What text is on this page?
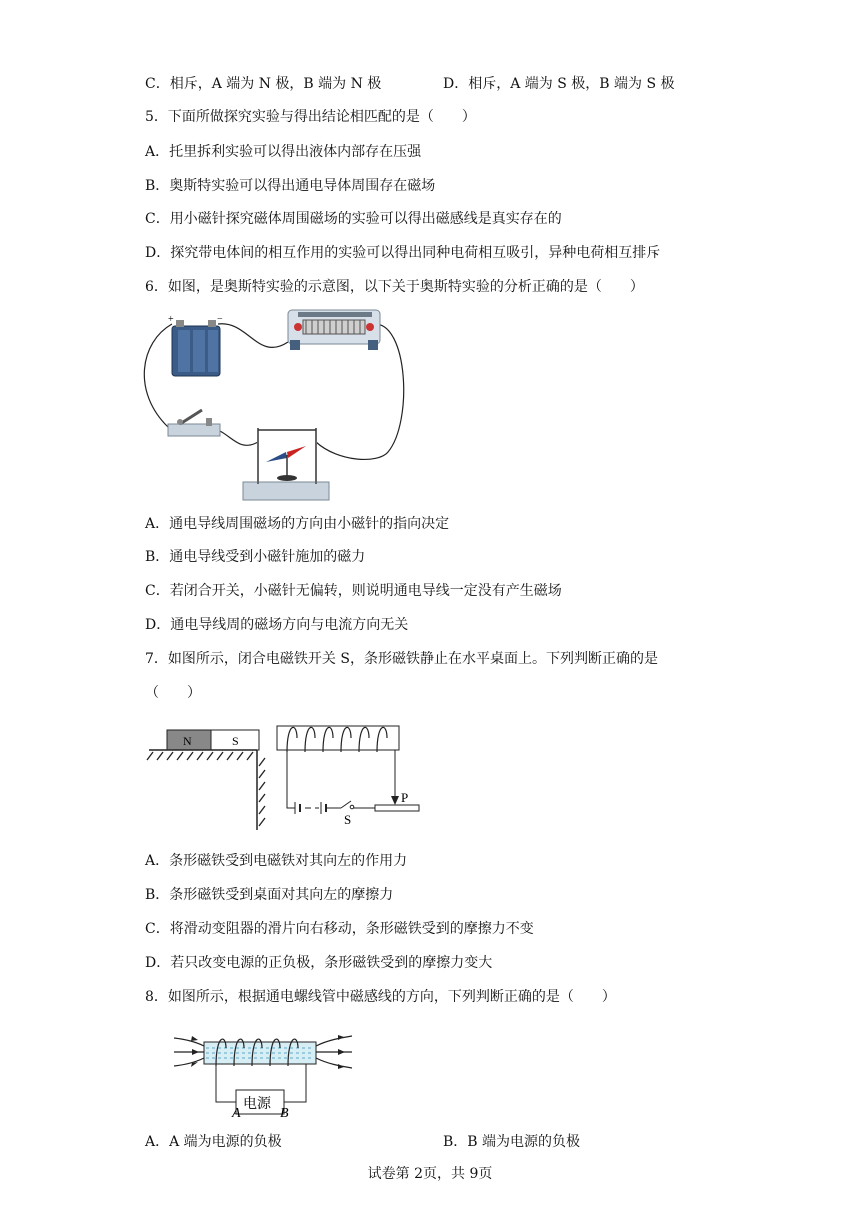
C．相斥，A 端为 N 极，B 端为 N 极	D．相斥，A 端为 S 极，B 端为 S 极
5．下面所做探究实验与得出结论相匹配的是（　　）
A．托里拆利实验可以得出液体内部存在压强
B．奥斯特实验可以得出通电导体周围存在磁场
C．用小磁针探究磁体周围磁场的实验可以得出磁感线是真实存在的
D．探究带电体间的相互作用的实验可以得出同种电荷相互吸引，异种电荷相互排斥
6．如图，是奥斯特实验的示意图，以下关于奥斯特实验的分析正确的是（　　）
+	−
A．通电导线周围磁场的方向由小磁针的指向决定
B．通电导线受到小磁针施加的磁力
C．若闭合开关，小磁针无偏转，则说明通电导线一定没有产生磁场
D．通电导线周的磁场方向与电流方向无关
7．如图所示，闭合电磁铁开关 S，条形磁铁静止在水平桌面上。下列判断正确的是
（　　）
N	S
S
P
A．条形磁铁受到电磁铁对其向左的作用力
B．条形磁铁受到桌面对其向左的摩擦力
C．将滑动变阻器的滑片向右移动，条形磁铁受到的摩擦力不变
D．若只改变电源的正负极，条形磁铁受到的摩擦力变大
8．如图所示，根据通电螺线管中磁感线的方向，下列判断正确的是（　　）
电源
A	B
A．A 端为电源的负极	B．B 端为电源的负极
试卷第 2页，共 9页
